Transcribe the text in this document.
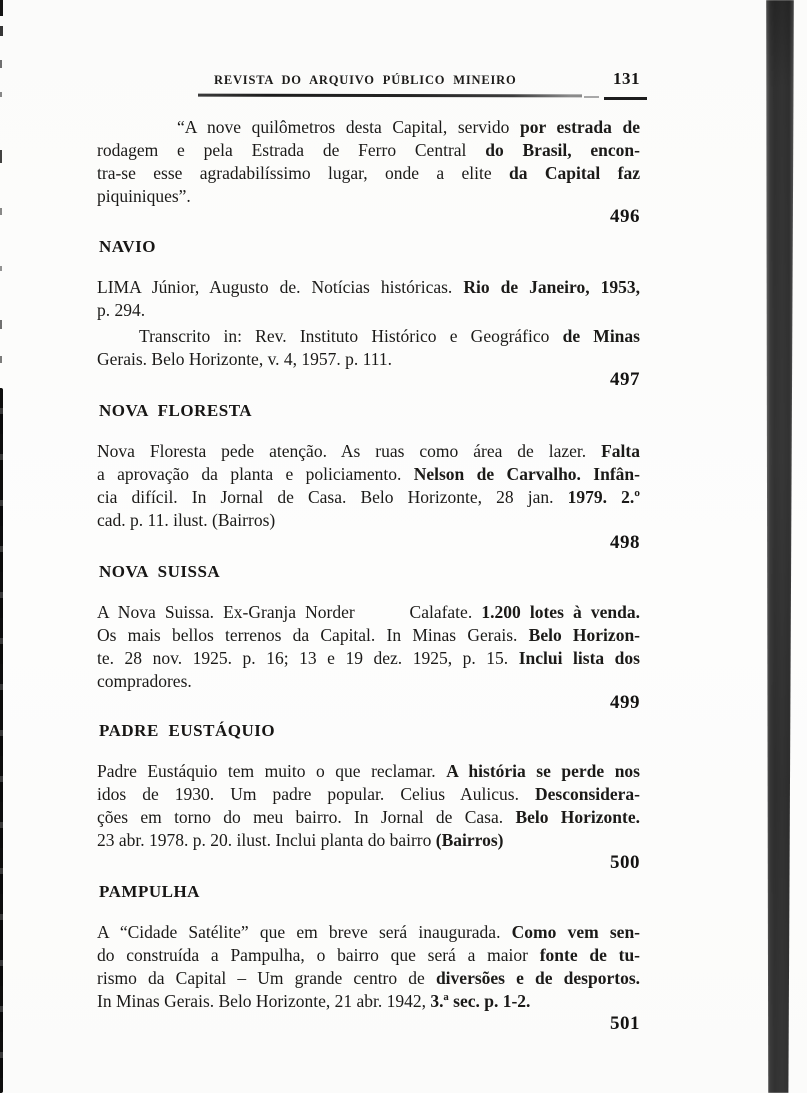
REVISTA DO ARQUIVO PÚBLICO MINEIRO	131
“A nove quilômetros desta Capital, servido por estrada de
rodagem e pela Estrada de Ferro Central do Brasil, encon-
tra-se esse agradabilíssimo lugar, onde a elite da Capital faz
piquiniques”.
496
NAVIO
LIMA Júnior, Augusto de. Notícias históricas. Rio de Janeiro, 1953,
p. 294.
Transcrito in: Rev. Instituto Histórico e Geográfico de Minas
Gerais. Belo Horizonte, v. 4, 1957. p. 111.
497
NOVA FLORESTA
Nova Floresta pede atenção. As ruas como área de lazer. Falta
a aprovação da planta e policiamento. Nelson de Carvalho. Infân-
cia difícil. In Jornal de Casa. Belo Horizonte, 28 jan. 1979. 2.º
cad. p. 11. ilust. (Bairros)
498
NOVA SUISSA
A Nova Suissa. Ex-Granja Norder      Calafate. 1.200 lotes à venda.
Os mais bellos terrenos da Capital. In Minas Gerais. Belo Horizon-
te. 28 nov. 1925. p. 16; 13 e 19 dez. 1925, p. 15. Inclui lista dos
compradores.
499
PADRE EUSTÁQUIO
Padre Eustáquio tem muito o que reclamar. A história se perde nos
idos de 1930. Um padre popular. Celius Aulicus. Desconsidera-
ções em torno do meu bairro. In Jornal de Casa. Belo Horizonte.
23 abr. 1978. p. 20. ilust. Inclui planta do bairro (Bairros)
500
PAMPULHA
A “Cidade Satélite” que em breve será inaugurada. Como vem sen-
do construída a Pampulha, o bairro que será a maior fonte de tu-
rismo da Capital – Um grande centro de diversões e de desportos.
In Minas Gerais. Belo Horizonte, 21 abr. 1942, 3.ª sec. p. 1-2.
501
